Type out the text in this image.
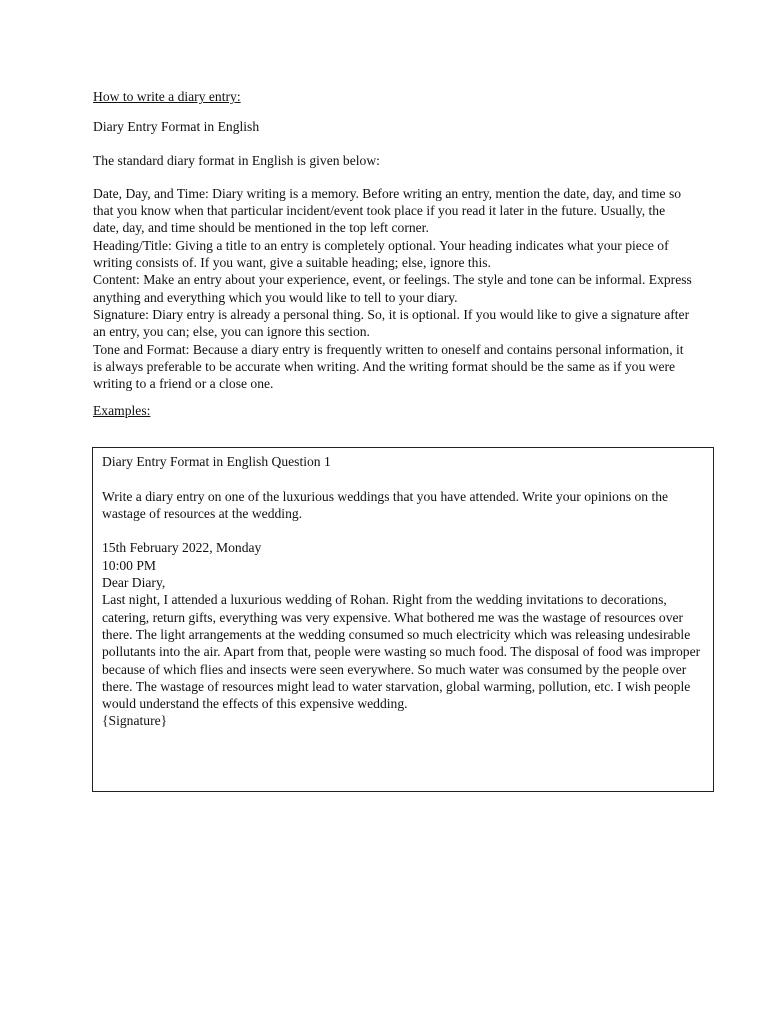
How to write a diary entry:

Diary Entry Format in English

The standard diary format in English is given below:

Date, Day, and Time: Diary writing is a memory. Before writing an entry, mention the date, day, and time so that you know when that particular incident/event took place if you read it later in the future. Usually, the date, day, and time should be mentioned in the top left corner.

Heading/Title: Giving a title to an entry is completely optional. Your heading indicates what your piece of writing consists of. If you want, give a suitable heading; else, ignore this.

Content: Make an entry about your experience, event, or feelings. The style and tone can be informal. Express anything and everything which you would like to tell to your diary.

Signature: Diary entry is already a personal thing. So, it is optional. If you would like to give a signature after an entry, you can; else, you can ignore this section.

Tone and Format: Because a diary entry is frequently written to oneself and contains personal information, it is always preferable to be accurate when writing. And the writing format should be the same as if you were writing to a friend or a close one.

Examples:

Diary Entry Format in English Question 1

Write a diary entry on one of the luxurious weddings that you have attended. Write your opinions on the wastage of resources at the wedding.

15th February 2022, Monday

10:00 PM

Dear Diary,

Last night, I attended a luxurious wedding of Rohan. Right from the wedding invitations to decorations, catering, return gifts, everything was very expensive. What bothered me was the wastage of resources over there. The light arrangements at the wedding consumed so much electricity which was releasing undesirable pollutants into the air. Apart from that, people were wasting so much food. The disposal of food was improper because of which flies and insects were seen everywhere. So much water was consumed by the people over there. The wastage of resources might lead to water starvation, global warming, pollution, etc. I wish people would understand the effects of this expensive wedding.

{Signature}
